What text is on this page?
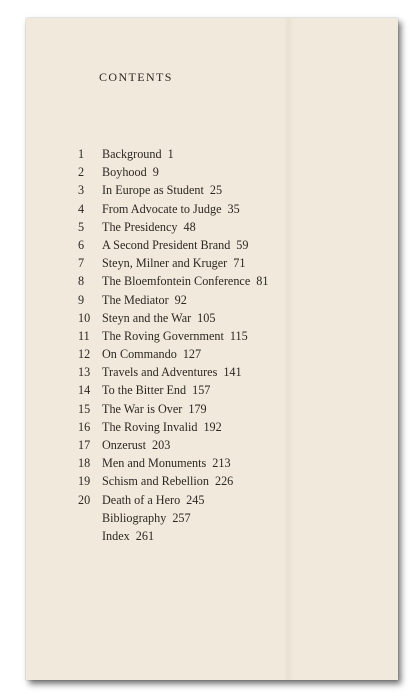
CONTENTS
1 Background 1
2 Boyhood 9
3 In Europe as Student 25
4 From Advocate to Judge 35
5 The Presidency 48
6 A Second President Brand 59
7 Steyn, Milner and Kruger 71
8 The Bloemfontein Conference 81
9 The Mediator 92
10 Steyn and the War 105
11 The Roving Government 115
12 On Commando 127
13 Travels and Adventures 141
14 To the Bitter End 157
15 The War is Over 179
16 The Roving Invalid 192
17 Onzerust 203
18 Men and Monuments 213
19 Schism and Rebellion 226
20 Death of a Hero 245
Bibliography 257
Index 261
